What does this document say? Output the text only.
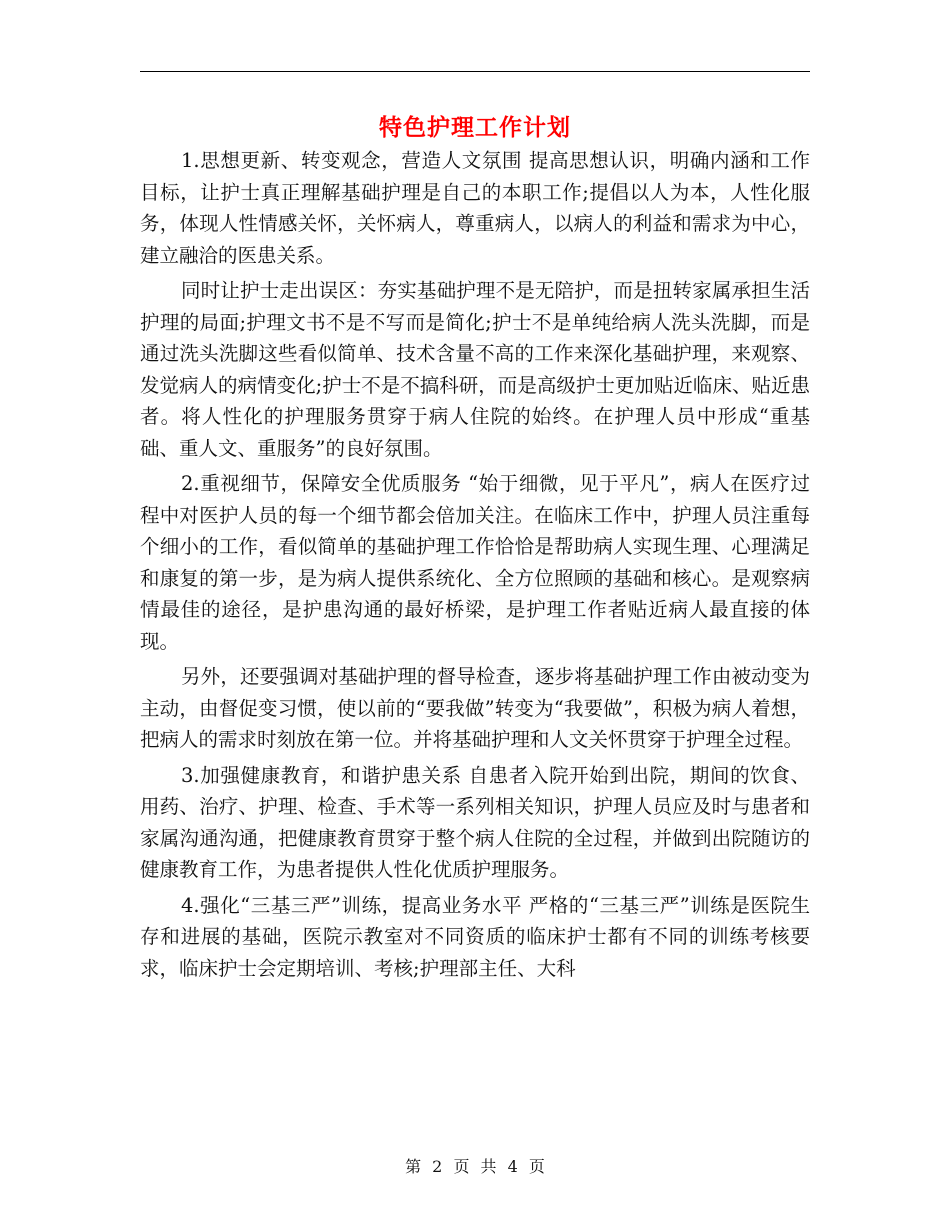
特色护理工作计划

1.思想更新、转变观念，营造人文氛围 提高思想认识，明确内涵和工作目标，让护士真正理解基础护理是自己的本职工作;提倡以人为本，人性化服务，体现人性情感关怀，关怀病人，尊重病人，以病人的利益和需求为中心，建立融洽的医患关系。

同时让护士走出误区：夯实基础护理不是无陪护，而是扭转家属承担生活护理的局面;护理文书不是不写而是简化;护士不是单纯给病人洗头洗脚，而是通过洗头洗脚这些看似简单、技术含量不高的工作来深化基础护理，来观察、发觉病人的病情变化;护士不是不搞科研，而是高级护士更加贴近临床、贴近患者。将人性化的护理服务贯穿于病人住院的始终。在护理人员中形成“重基础、重人文、重服务”的良好氛围。

2.重视细节，保障安全优质服务 “始于细微，见于平凡”，病人在医疗过程中对医护人员的每一个细节都会倍加关注。在临床工作中，护理人员注重每个细小的工作，看似简单的基础护理工作恰恰是帮助病人实现生理、心理满足和康复的第一步，是为病人提供系统化、全方位照顾的基础和核心。是观察病情最佳的途径，是护患沟通的最好桥梁，是护理工作者贴近病人最直接的体现。

另外，还要强调对基础护理的督导检查，逐步将基础护理工作由被动变为主动，由督促变习惯，使以前的“要我做”转变为“我要做”，积极为病人着想，把病人的需求时刻放在第一位。并将基础护理和人文关怀贯穿于护理全过程。

3.加强健康教育，和谐护患关系 自患者入院开始到出院，期间的饮食、用药、治疗、护理、检查、手术等一系列相关知识，护理人员应及时与患者和家属沟通沟通，把健康教育贯穿于整个病人住院的全过程，并做到出院随访的健康教育工作，为患者提供人性化优质护理服务。

4.强化“三基三严”训练，提高业务水平 严格的“三基三严”训练是医院生存和进展的基础，医院示教室对不同资质的临床护士都有不同的训练考核要求，临床护士会定期培训、考核;护理部主任、大科

第 2 页 共 4 页
